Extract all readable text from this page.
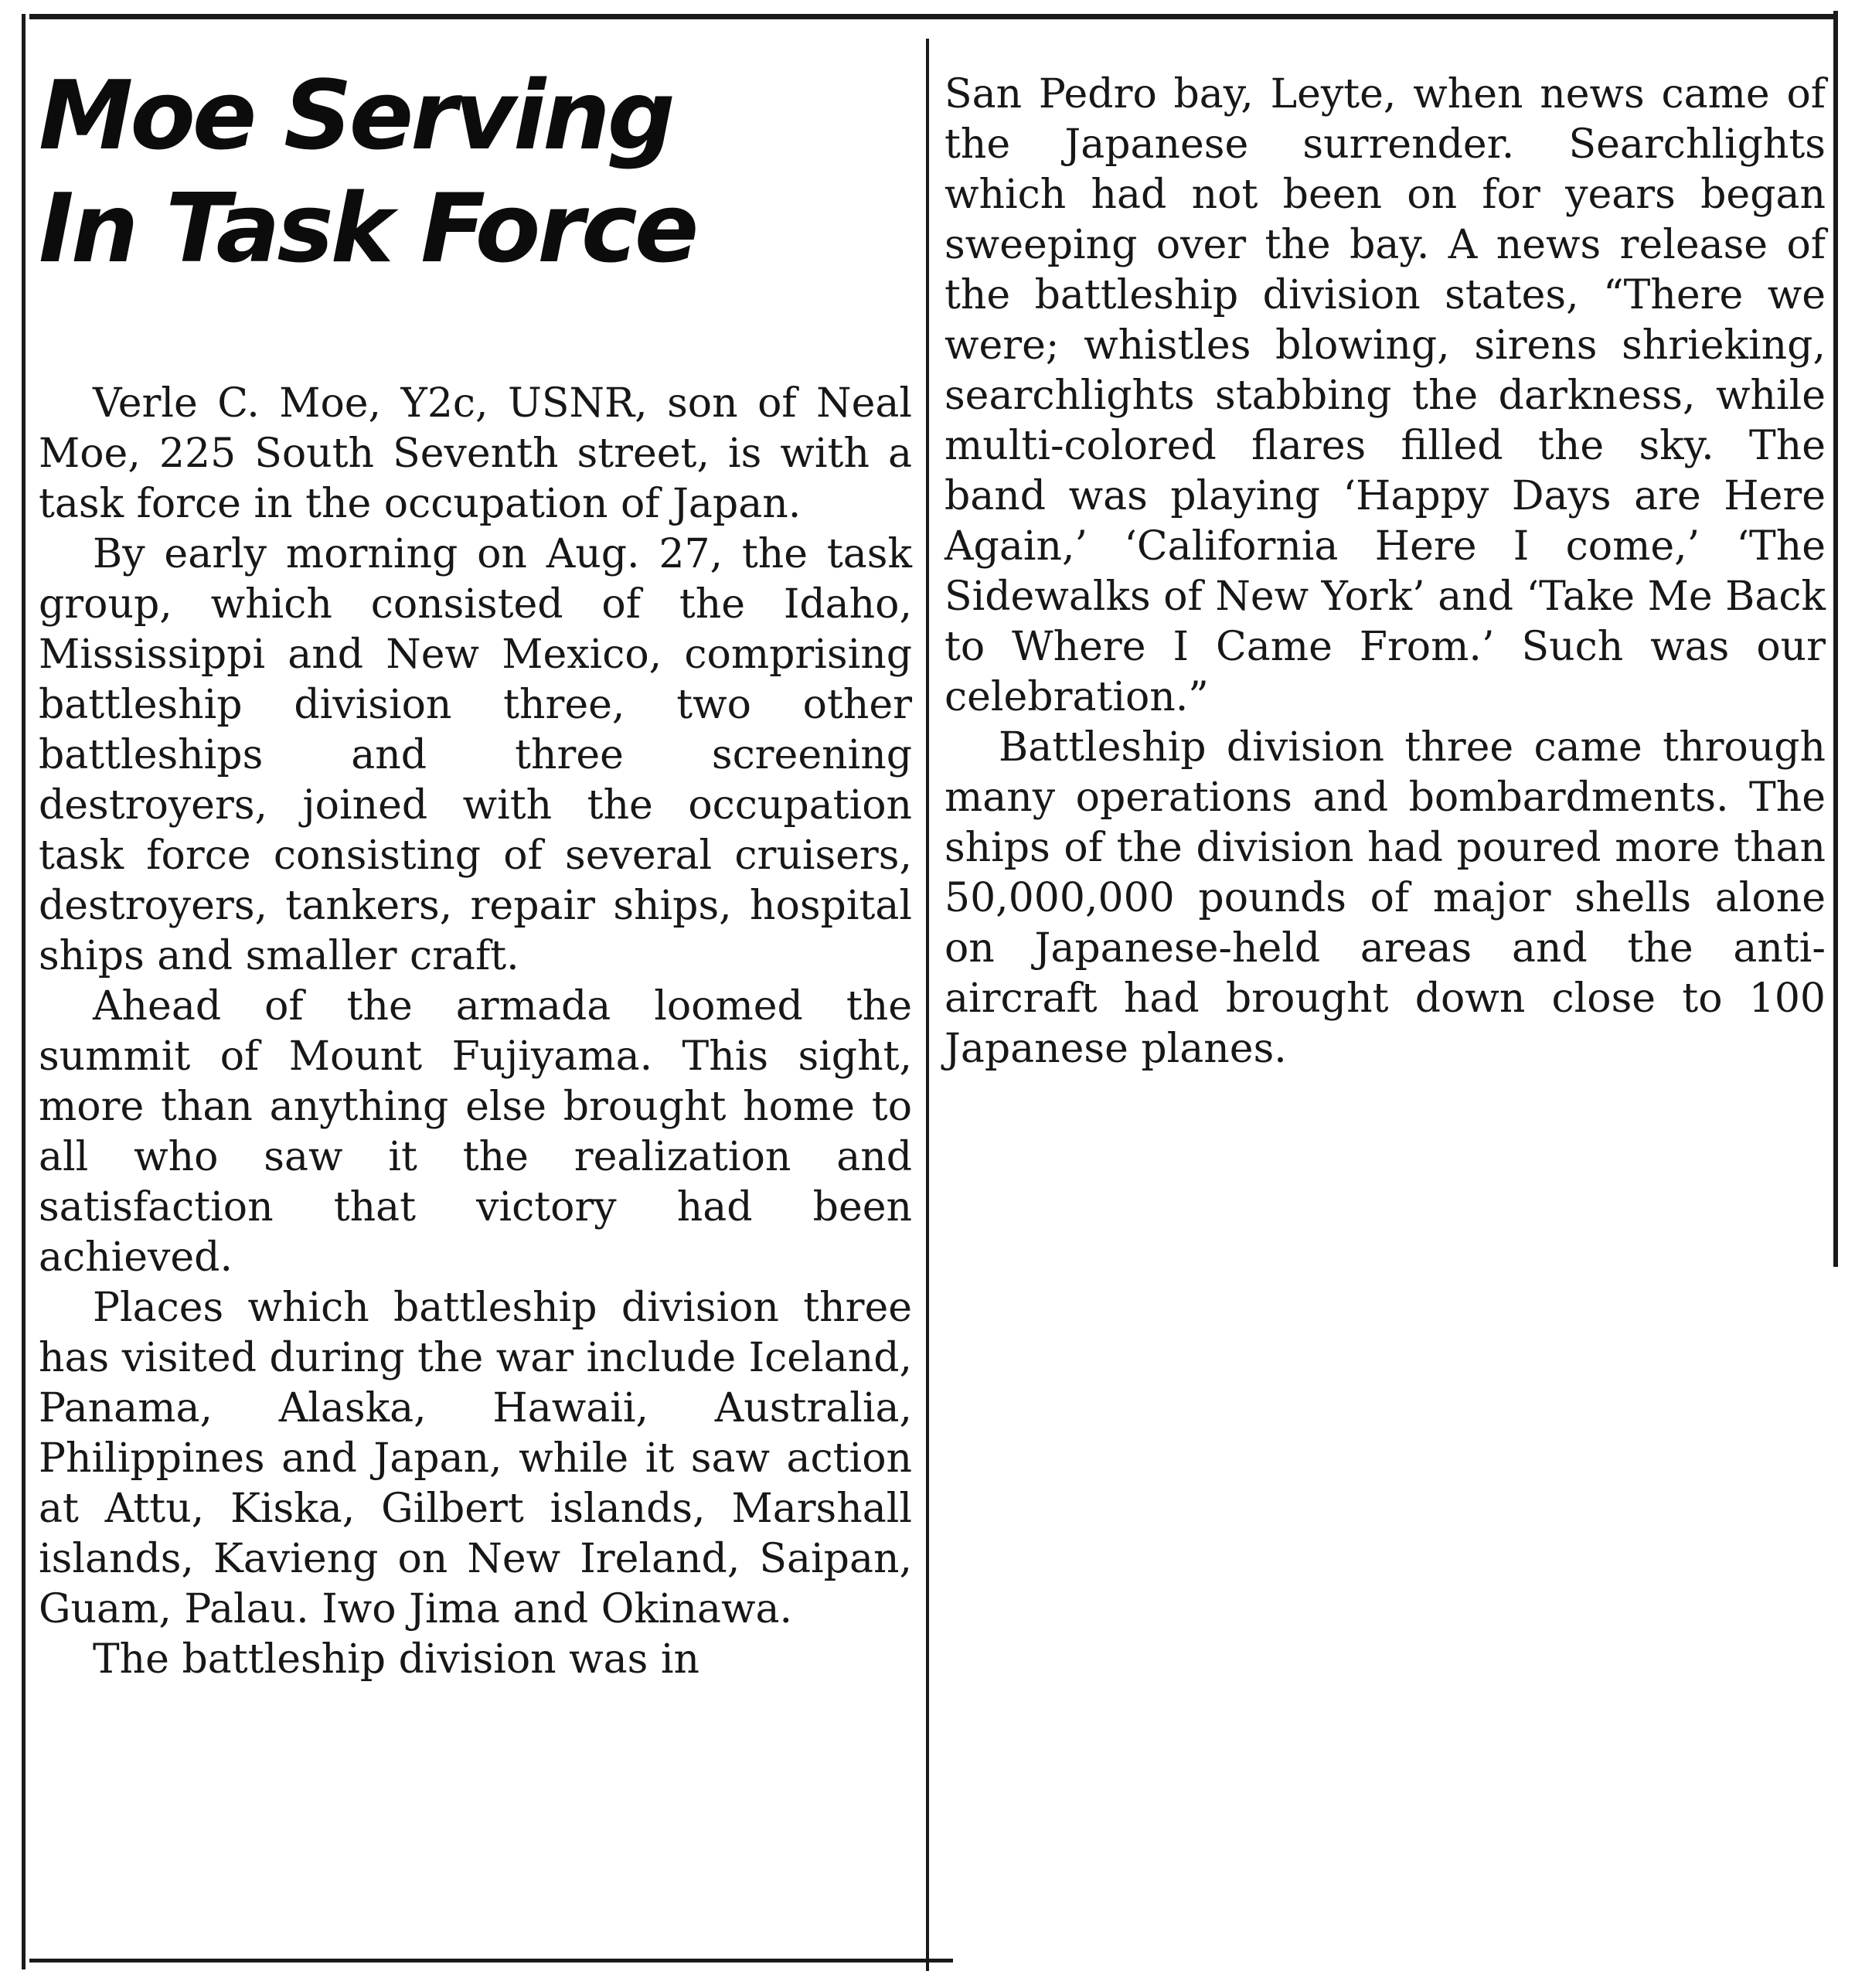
Moe Serving
In Task Force

Verle C. Moe, Y2c, USNR, son of Neal Moe, 225 South Seventh street, is with a task force in the occupation of Japan.

By early morning on Aug. 27, the task group, which consisted of the Idaho, Mississippi and New Mexico, comprising battleship division three, two other battleships and three screening destroyers, joined with the occupation task force consisting of several cruisers, destroyers, tankers, repair ships, hospital ships and smaller craft.

Ahead of the armada loomed the summit of Mount Fujiyama. This sight, more than anything else brought home to all who saw it the realization and satisfaction that victory had been achieved.

Places which battleship division three has visited during the war include Iceland, Panama, Alaska, Hawaii, Australia, Philippines and Japan, while it saw action at Attu, Kiska, Gilbert islands, Marshall islands, Kavieng on New Ireland, Saipan, Guam, Palau. Iwo Jima and Okinawa.

The battleship division was in

San Pedro bay, Leyte, when news came of the Japanese surrender. Searchlights which had not been on for years began sweeping over the bay. A news release of the battleship division states, “There we were; whistles blowing, sirens shrieking, searchlights stabbing the darkness, while multi-colored flares filled the sky. The band was playing ‘Happy Days are Here Again,’ ‘California Here I come,’ ‘The Sidewalks of New York’ and ‘Take Me Back to Where I Came From.’ Such was our celebration.”

Battleship division three came through many operations and bombardments. The ships of the division had poured more than 50,000,000 pounds of major shells alone on Japanese-held areas and the anti-aircraft had brought down close to 100 Japanese planes.
